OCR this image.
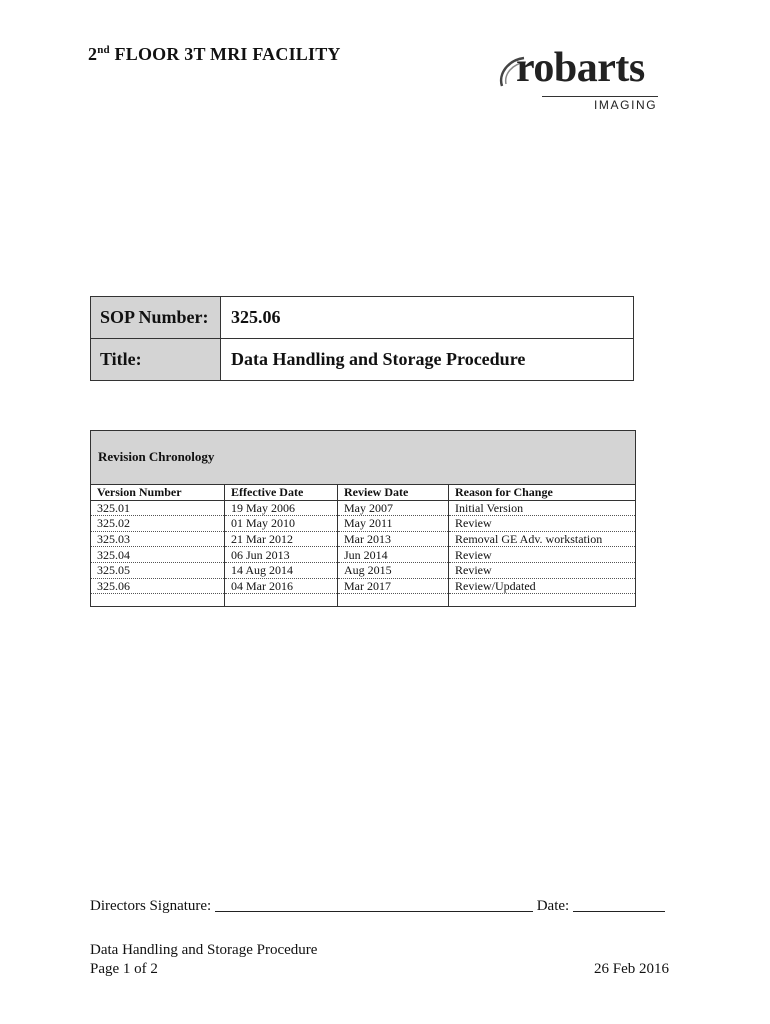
2nd FLOOR 3T MRI FACILITY	robarts
IMAGING
SOP Number:	325.06
Title:	Data Handling and Storage Procedure
Revision Chronology
Version Number	Effective Date	Review Date	Reason for Change
325.01	19 May 2006	May 2007	Initial Version
325.02	01 May 2010	May 2011	Review
325.03	21 Mar 2012	Mar 2013	Removal GE Adv. workstation
325.04	06 Jun 2013	Jun 2014	Review
325.05	14 Aug 2014	Aug 2015	Review
325.06	04 Mar 2016	Mar 2017	Review/Updated

Directors Signature:	Date:
Data Handling and Storage Procedure
Page 1 of 2	26 Feb 2016
